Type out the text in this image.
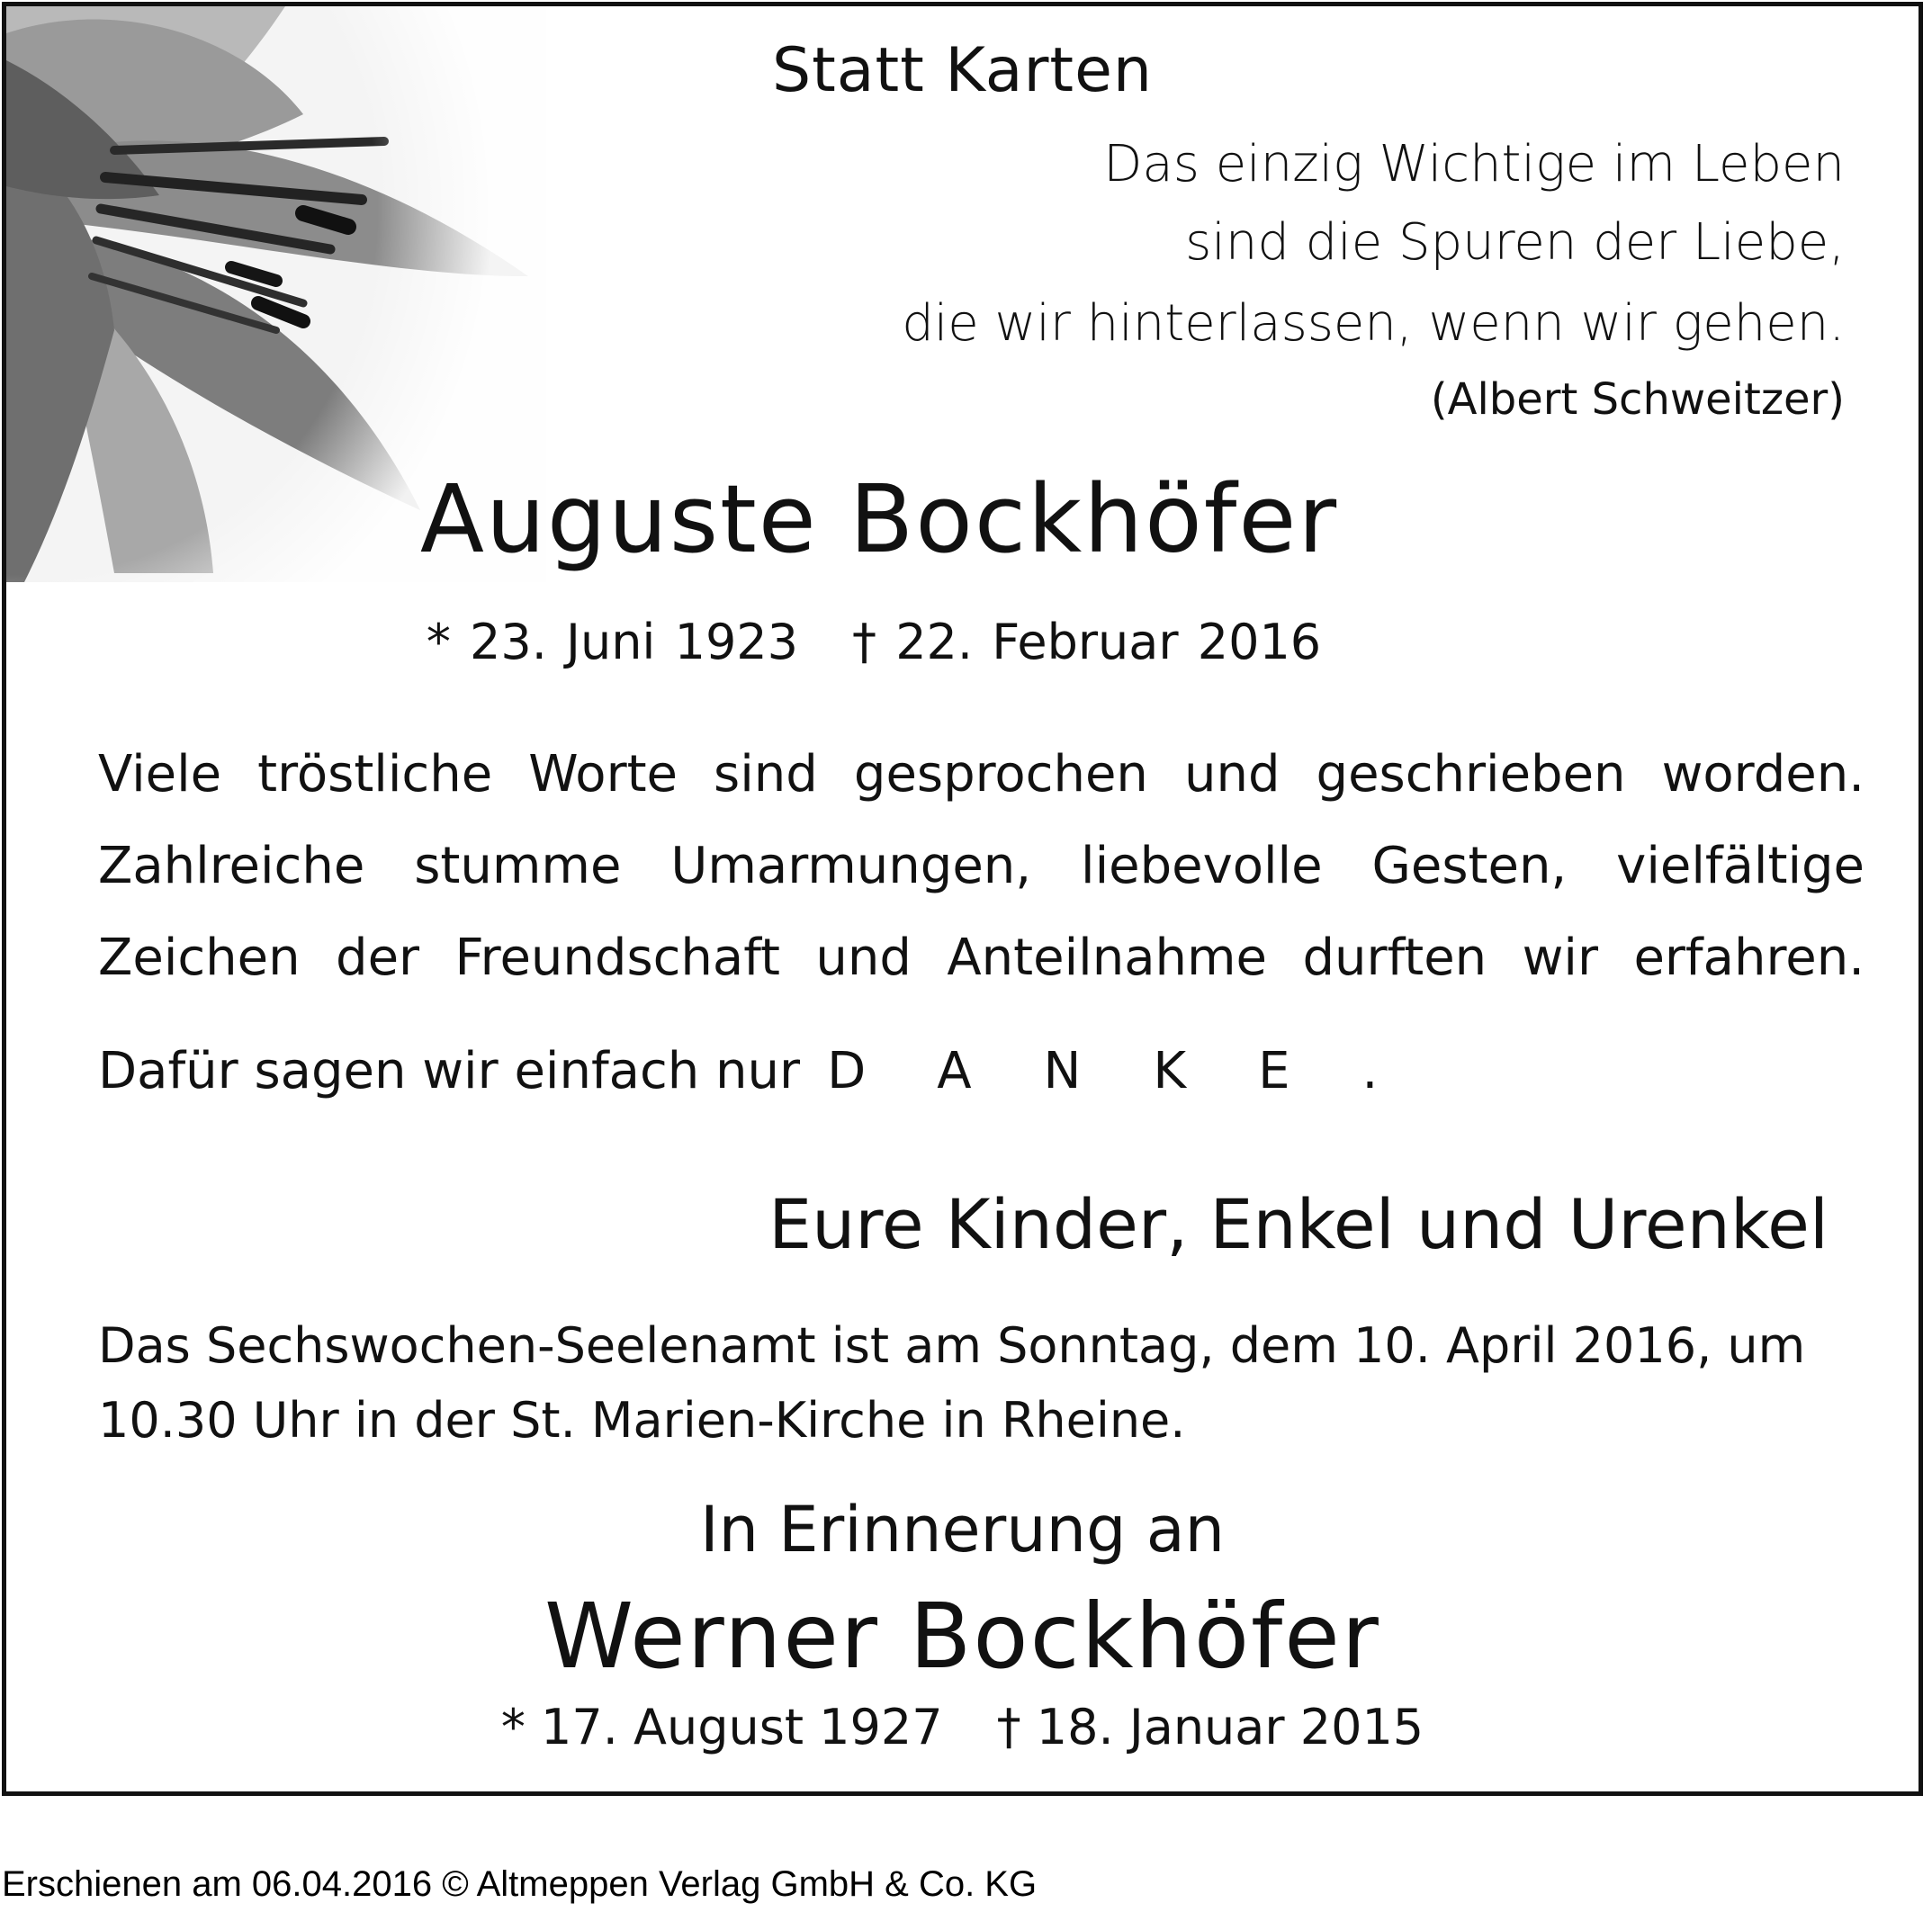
Statt Karten
Das einzig Wichtige im Leben
sind die Spuren der Liebe,
die wir hinterlassen, wenn wir gehen.
(Albert Schweitzer)
Auguste Bockhöfer
* 23. Juni 1923 † 22. Februar 2016
Viele tröstliche Worte sind gesprochen und geschrieben worden.
Zahlreiche stumme Umarmungen, liebevolle Gesten, vielfältige
Zeichen der Freundschaft und Anteilnahme durften wir erfahren.
Dafür sagen wir einfach nur DANKE.
Eure Kinder, Enkel und Urenkel
Das Sechswochen-Seelenamt ist am Sonntag, dem 10. April 2016, um
10.30 Uhr in der St. Marien-Kirche in Rheine.
In Erinnerung an
Werner Bockhöfer
* 17. August 1927 † 18. Januar 2015
Erschienen am 06.04.2016 © Altmeppen Verlag GmbH & Co. KG
